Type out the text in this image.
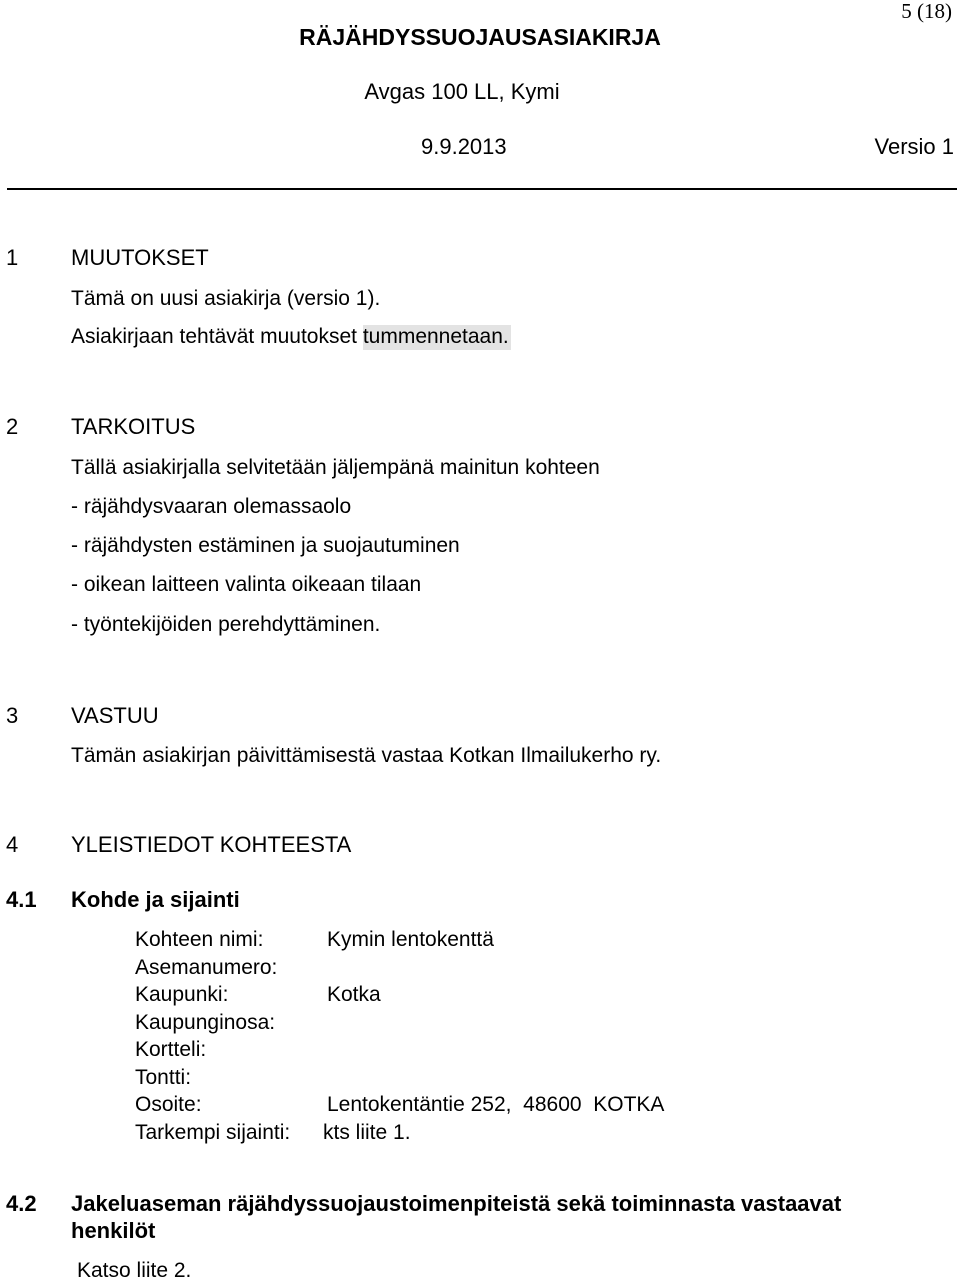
5 (18)
RÄJÄHDYSSUOJAUSASIAKIRJA
Avgas 100 LL, Kymi
9.9.2013	Versio 1
1 MUUTOKSET
Tämä on uusi asiakirja (versio 1).
Asiakirjaan tehtävät muutokset tummennetaan.
2 TARKOITUS
Tällä asiakirjalla selvitetään jäljempänä mainitun kohteen
- räjähdysvaaran olemassaolo
- räjähdysten estäminen ja suojautuminen
- oikean laitteen valinta oikeaan tilaan
- työntekijöiden perehdyttäminen.
3 VASTUU
Tämän asiakirjan päivittämisestä vastaa Kotkan Ilmailukerho ry.
4 YLEISTIEDOT KOHTEESTA
4.1 Kohde ja sijainti
Kohteen nimi:	Kymin lentokenttä
Asemanumero:
Kaupunki:	Kotka
Kaupunginosa:
Kortteli:
Tontti:
Osoite:	Lentokentäntie 252,  48600  KOTKA
Tarkempi sijainti: kts liite 1.
4.2 Jakeluaseman räjähdyssuojaustoimenpiteistä sekä toiminnasta vastaavat
henkilöt
Katso liite 2.
